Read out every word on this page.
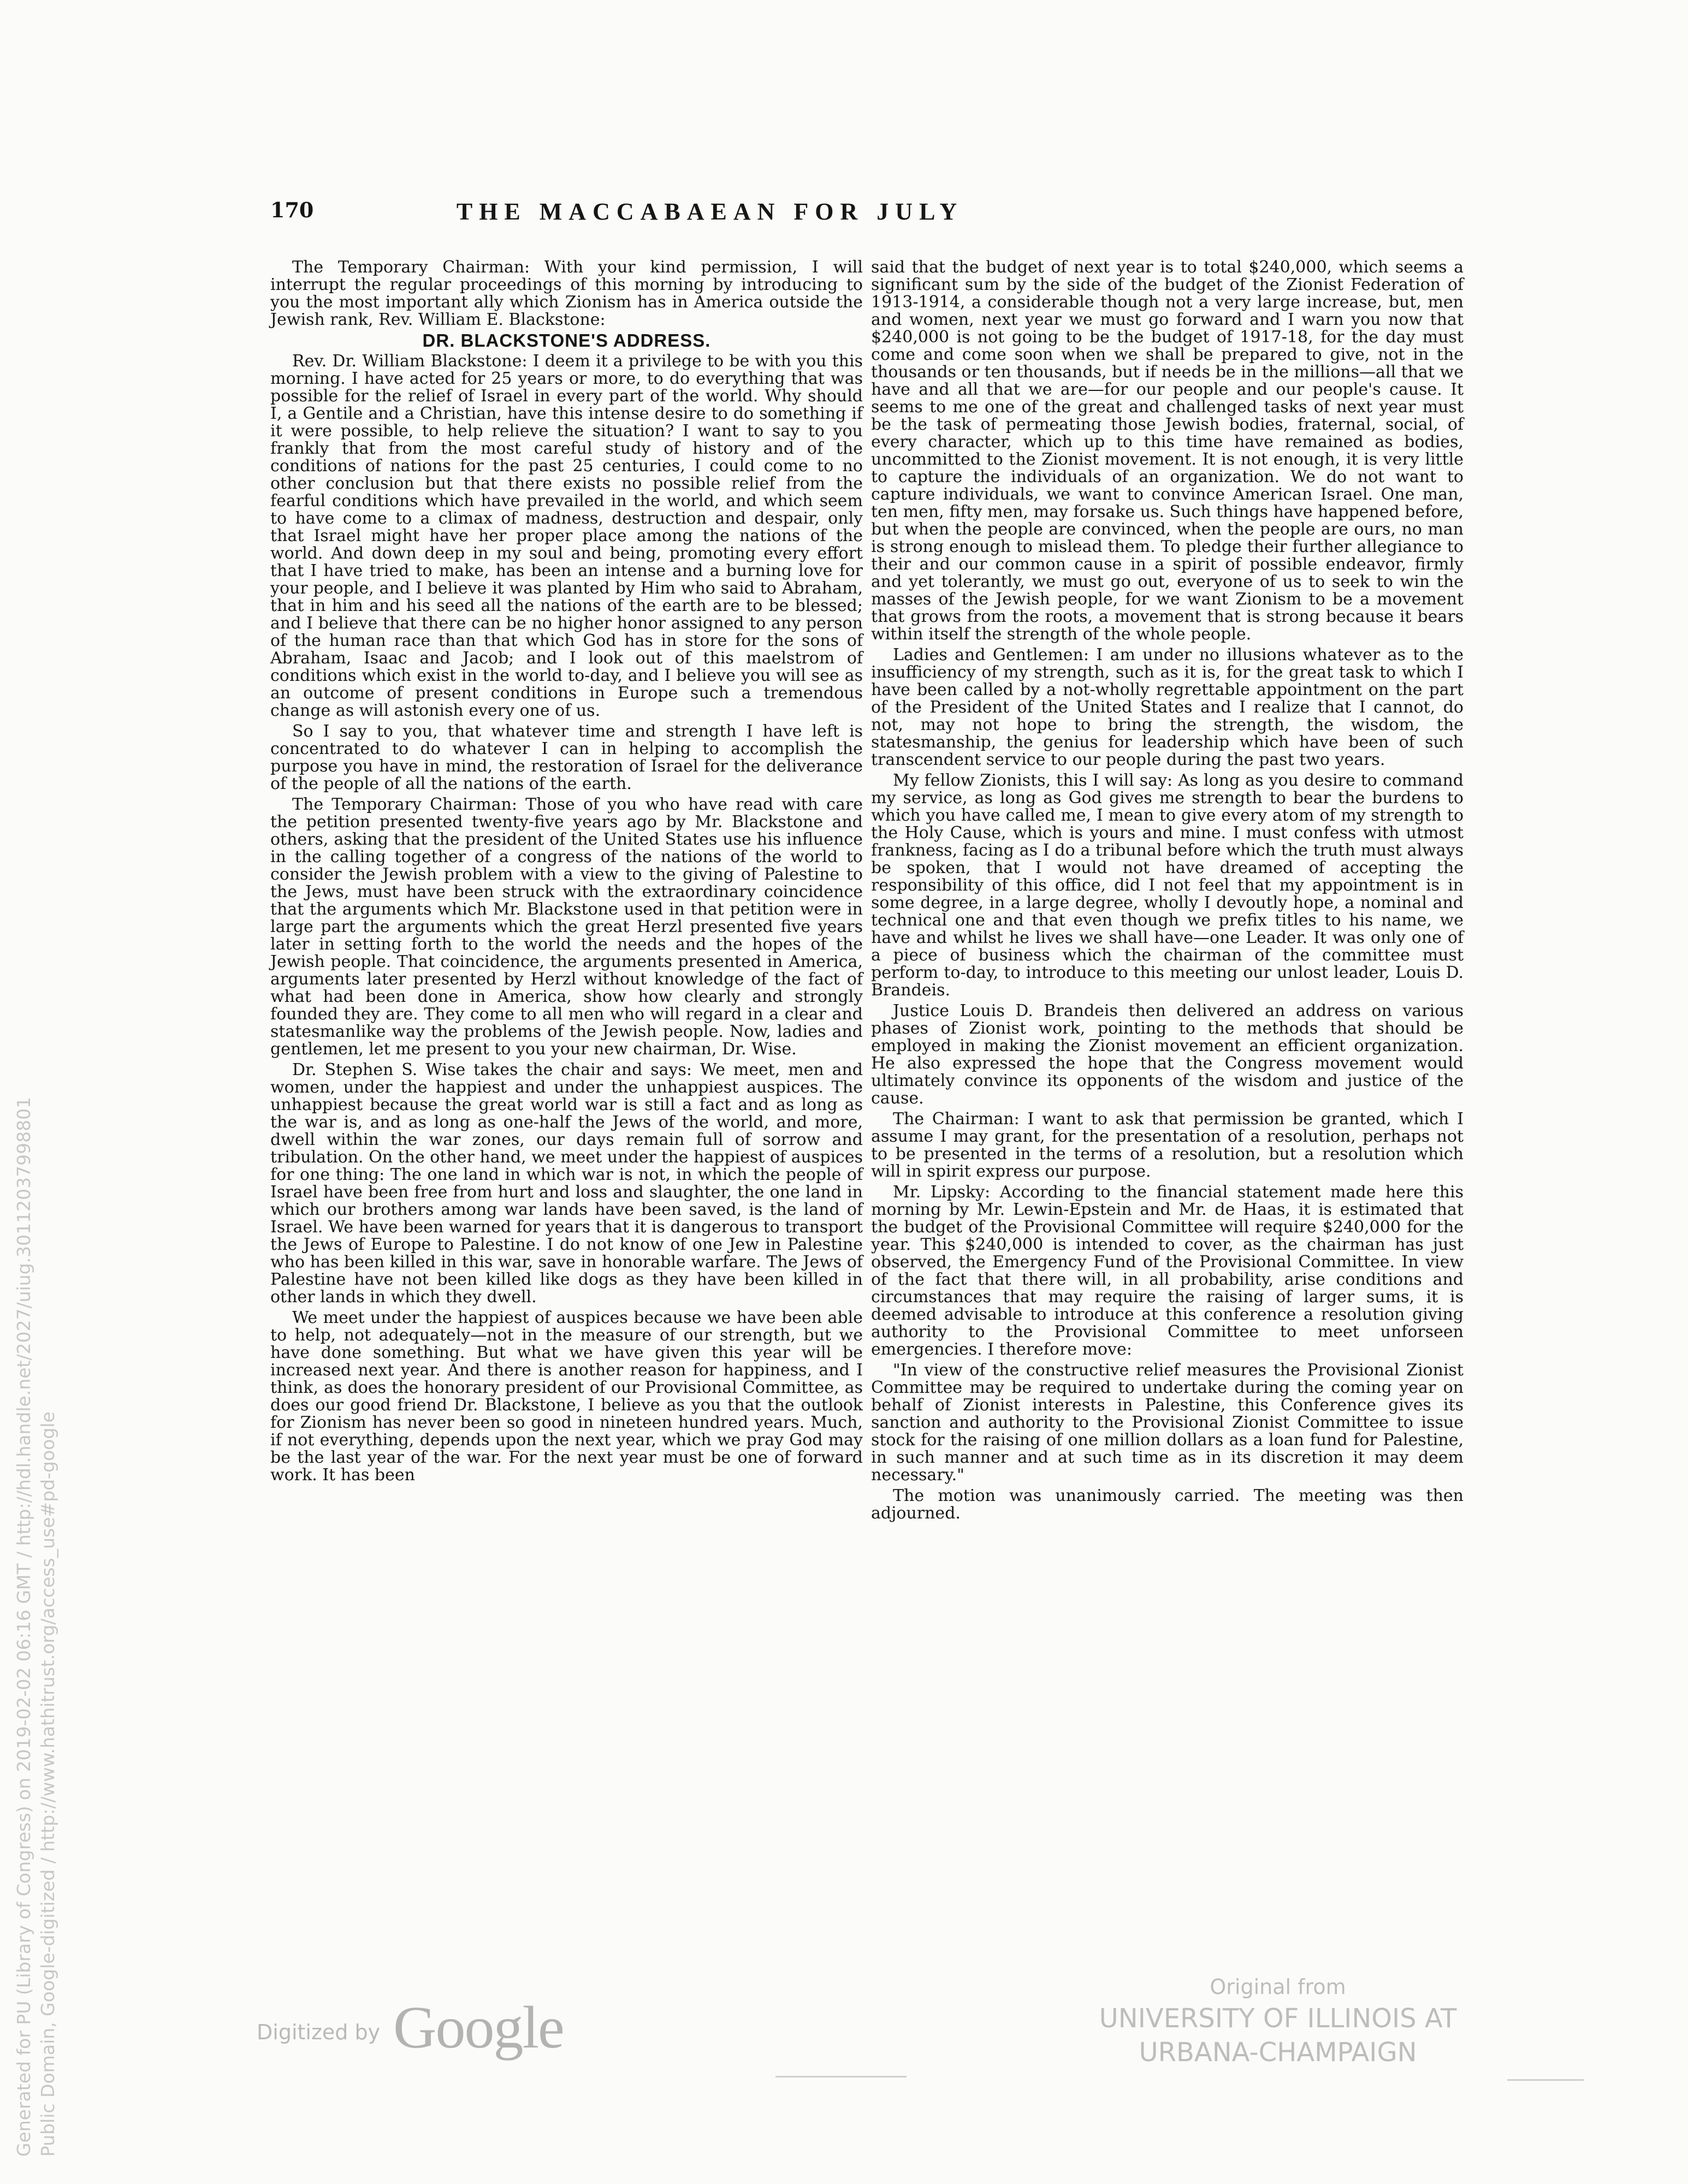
170	THE MACCABAEAN FOR JULY

The Temporary Chairman: With your kind permission, I will interrupt the regular proceedings of this morning by introducing to you the most important ally which Zionism has in America outside the Jewish rank, Rev. William E. Blackstone:

DR. BLACKSTONE'S ADDRESS.

Rev. Dr. William Blackstone: I deem it a privilege to be with you this morning. I have acted for 25 years or more, to do everything that was possible for the relief of Israel in every part of the world. Why should I, a Gentile and a Christian, have this intense desire to do something if it were possible, to help relieve the situation? I want to say to you frankly that from the most careful study of history and of the conditions of nations for the past 25 centuries, I could come to no other conclusion but that there exists no possible relief from the fearful conditions which have prevailed in the world, and which seem to have come to a climax of madness, destruction and despair, only that Israel might have her proper place among the nations of the world. And down deep in my soul and being, promoting every effort that I have tried to make, has been an intense and a burning love for your people, and I believe it was planted by Him who said to Abraham, that in him and his seed all the nations of the earth are to be blessed; and I believe that there can be no higher honor assigned to any person of the human race than that which God has in store for the sons of Abraham, Isaac and Jacob; and I look out of this maelstrom of conditions which exist in the world to-day, and I believe you will see as an outcome of present conditions in Europe such a tremendous change as will astonish every one of us.

So I say to you, that whatever time and strength I have left is concentrated to do whatever I can in helping to accomplish the purpose you have in mind, the restoration of Israel for the deliverance of the people of all the nations of the earth.

The Temporary Chairman: Those of you who have read with care the petition presented twenty-five years ago by Mr. Blackstone and others, asking that the president of the United States use his influence in the calling together of a congress of the nations of the world to consider the Jewish problem with a view to the giving of Palestine to the Jews, must have been struck with the extraordinary coincidence that the arguments which Mr. Blackstone used in that petition were in large part the arguments which the great Herzl presented five years later in setting forth to the world the needs and the hopes of the Jewish people. That coincidence, the arguments presented in America, arguments later presented by Herzl without knowledge of the fact of what had been done in America, show how clearly and strongly founded they are. They come to all men who will regard in a clear and statesmanlike way the problems of the Jewish people. Now, ladies and gentlemen, let me present to you your new chairman, Dr. Wise.

Dr. Stephen S. Wise takes the chair and says: We meet, men and women, under the happiest and under the unhappiest auspices. The unhappiest because the great world war is still a fact and as long as the war is, and as long as one-half the Jews of the world, and more, dwell within the war zones, our days remain full of sorrow and tribulation. On the other hand, we meet under the happiest of auspices for one thing: The one land in which war is not, in which the people of Israel have been free from hurt and loss and slaughter, the one land in which our brothers among war lands have been saved, is the land of Israel. We have been warned for years that it is dangerous to transport the Jews of Europe to Palestine. I do not know of one Jew in Palestine who has been killed in this war, save in honorable warfare. The Jews of Palestine have not been killed like dogs as they have been killed in other lands in which they dwell.

We meet under the happiest of auspices because we have been able to help, not adequately—not in the measure of our strength, but we have done something. But what we have given this year will be increased next year. And there is another reason for happiness, and I think, as does the honorary president of our Provisional Committee, as does our good friend Dr. Blackstone, I believe as you that the outlook for Zionism has never been so good in nineteen hundred years. Much, if not everything, depends upon the next year, which we pray God may be the last year of the war. For the next year must be one of forward work. It has been

said that the budget of next year is to total $240,000, which seems a significant sum by the side of the budget of the Zionist Federation of 1913-1914, a considerable though not a very large increase, but, men and women, next year we must go forward and I warn you now that $240,000 is not going to be the budget of 1917-18, for the day must come and come soon when we shall be prepared to give, not in the thousands or ten thousands, but if needs be in the millions—all that we have and all that we are—for our people and our people's cause. It seems to me one of the great and challenged tasks of next year must be the task of permeating those Jewish bodies, fraternal, social, of every character, which up to this time have remained as bodies, uncommitted to the Zionist movement. It is not enough, it is very little to capture the individuals of an organization. We do not want to capture individuals, we want to convince American Israel. One man, ten men, fifty men, may forsake us. Such things have happened before, but when the people are convinced, when the people are ours, no man is strong enough to mislead them. To pledge their further allegiance to their and our common cause in a spirit of possible endeavor, firmly and yet tolerantly, we must go out, everyone of us to seek to win the masses of the Jewish people, for we want Zionism to be a movement that grows from the roots, a movement that is strong because it bears within itself the strength of the whole people.

Ladies and Gentlemen: I am under no illusions whatever as to the insufficiency of my strength, such as it is, for the great task to which I have been called by a not-wholly regrettable appointment on the part of the President of the United States and I realize that I cannot, do not, may not hope to bring the strength, the wisdom, the statesmanship, the genius for leadership which have been of such transcendent service to our people during the past two years.

My fellow Zionists, this I will say: As long as you desire to command my service, as long as God gives me strength to bear the burdens to which you have called me, I mean to give every atom of my strength to the Holy Cause, which is yours and mine. I must confess with utmost frankness, facing as I do a tribunal before which the truth must always be spoken, that I would not have dreamed of accepting the responsibility of this office, did I not feel that my appointment is in some degree, in a large degree, wholly I devoutly hope, a nominal and technical one and that even though we prefix titles to his name, we have and whilst he lives we shall have—one Leader. It was only one of a piece of business which the chairman of the committee must perform to-day, to introduce to this meeting our unlost leader, Louis D. Brandeis.

Justice Louis D. Brandeis then delivered an address on various phases of Zionist work, pointing to the methods that should be employed in making the Zionist movement an efficient organization. He also expressed the hope that the Congress movement would ultimately convince its opponents of the wisdom and justice of the cause.

The Chairman: I want to ask that permission be granted, which I assume I may grant, for the presentation of a resolution, perhaps not to be presented in the terms of a resolution, but a resolution which will in spirit express our purpose.

Mr. Lipsky: According to the financial statement made here this morning by Mr. Lewin-Epstein and Mr. de Haas, it is estimated that the budget of the Provisional Committee will require $240,000 for the year. This $240,000 is intended to cover, as the chairman has just observed, the Emergency Fund of the Provisional Committee. In view of the fact that there will, in all probability, arise conditions and circumstances that may require the raising of larger sums, it is deemed advisable to introduce at this conference a resolution giving authority to the Provisional Committee to meet unforseen emergencies. I therefore move:

"In view of the constructive relief measures the Provisional Zionist Committee may be required to undertake during the coming year on behalf of Zionist interests in Palestine, this Conference gives its sanction and authority to the Provisional Zionist Committee to issue stock for the raising of one million dollars as a loan fund for Palestine, in such manner and at such time as in its discretion it may deem necessary."

The motion was unanimously carried. The meeting was then adjourned.

Generated for PU (Library of Congress) on 2019-02-02 06:16 GMT / http://hdl.handle.net/2027/uiug.30112037998801 Public Domain, Google-digitized / http://www.hathitrust.org/access_use#pd-google	Digitized by Google
Original from
UNIVERSITY OF ILLINOIS AT
URBANA-CHAMPAIGN
